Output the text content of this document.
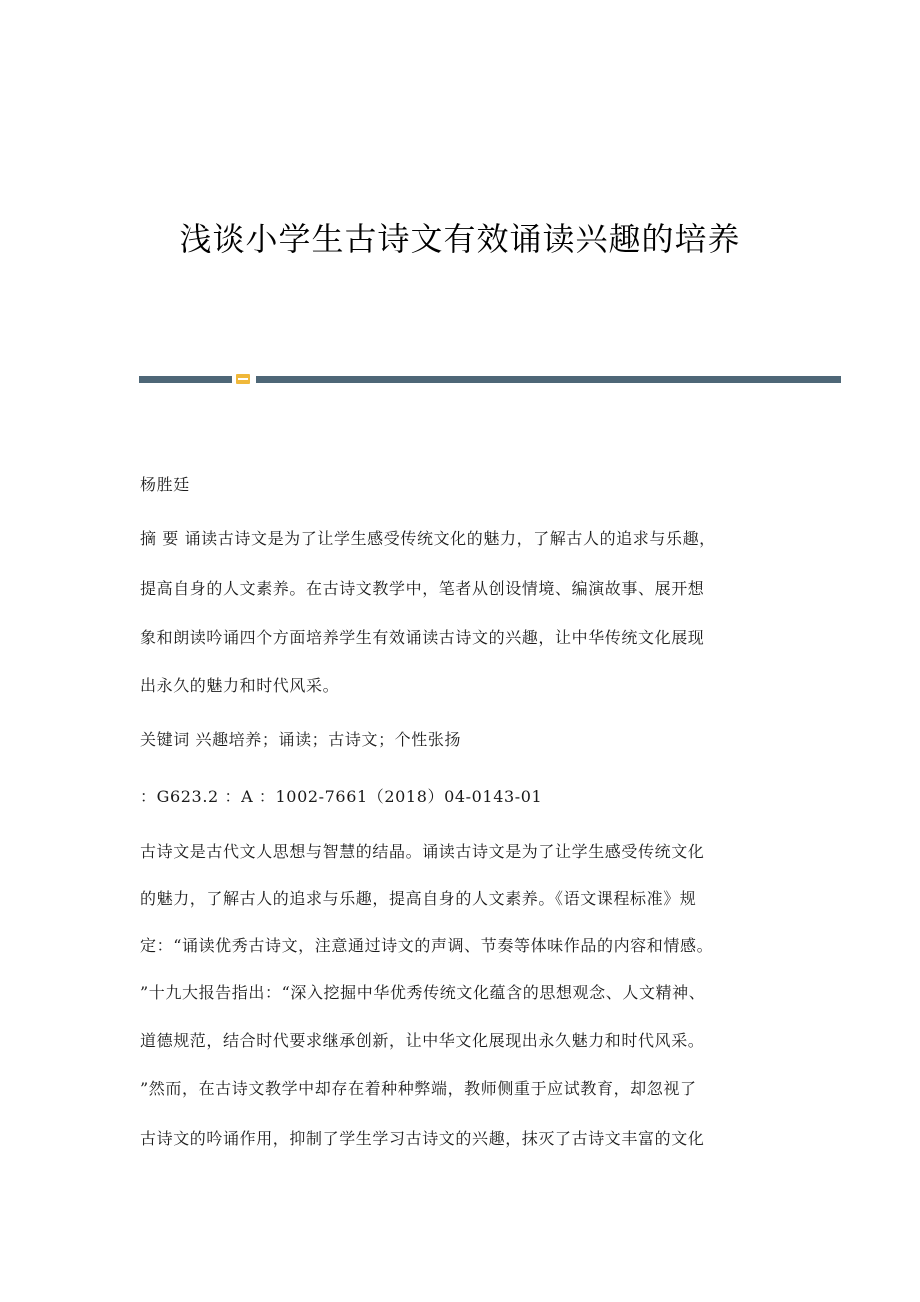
浅谈小学生古诗文有效诵读兴趣的培养
杨胜廷
摘 要 诵读古诗文是为了让学生感受传统文化的魅力，了解古人的追求与乐趣，
提高自身的人文素养。在古诗文教学中，笔者从创设情境、编演故事、展开想
象和朗读吟诵四个方面培养学生有效诵读古诗文的兴趣，让中华传统文化展现
出永久的魅力和时代风采。
关键词 兴趣培养；诵读；古诗文；个性张扬
：G623.2 ：A ：1002-7661（2018）04-0143-01
古诗文是古代文人思想与智慧的结晶。诵读古诗文是为了让学生感受传统文化
的魅力，了解古人的追求与乐趣，提高自身的人文素养。《语文课程标准》规
定：“诵读优秀古诗文，注意通过诗文的声调、节奏等体味作品的内容和情感。
”十九大报告指出：“深入挖掘中华优秀传统文化蕴含的思想观念、人文精神、
道德规范，结合时代要求继承创新，让中华文化展现出永久魅力和时代风采。
”然而，在古诗文教学中却存在着种种弊端，教师侧重于应试教育，却忽视了
古诗文的吟诵作用，抑制了学生学习古诗文的兴趣，抹灭了古诗文丰富的文化
